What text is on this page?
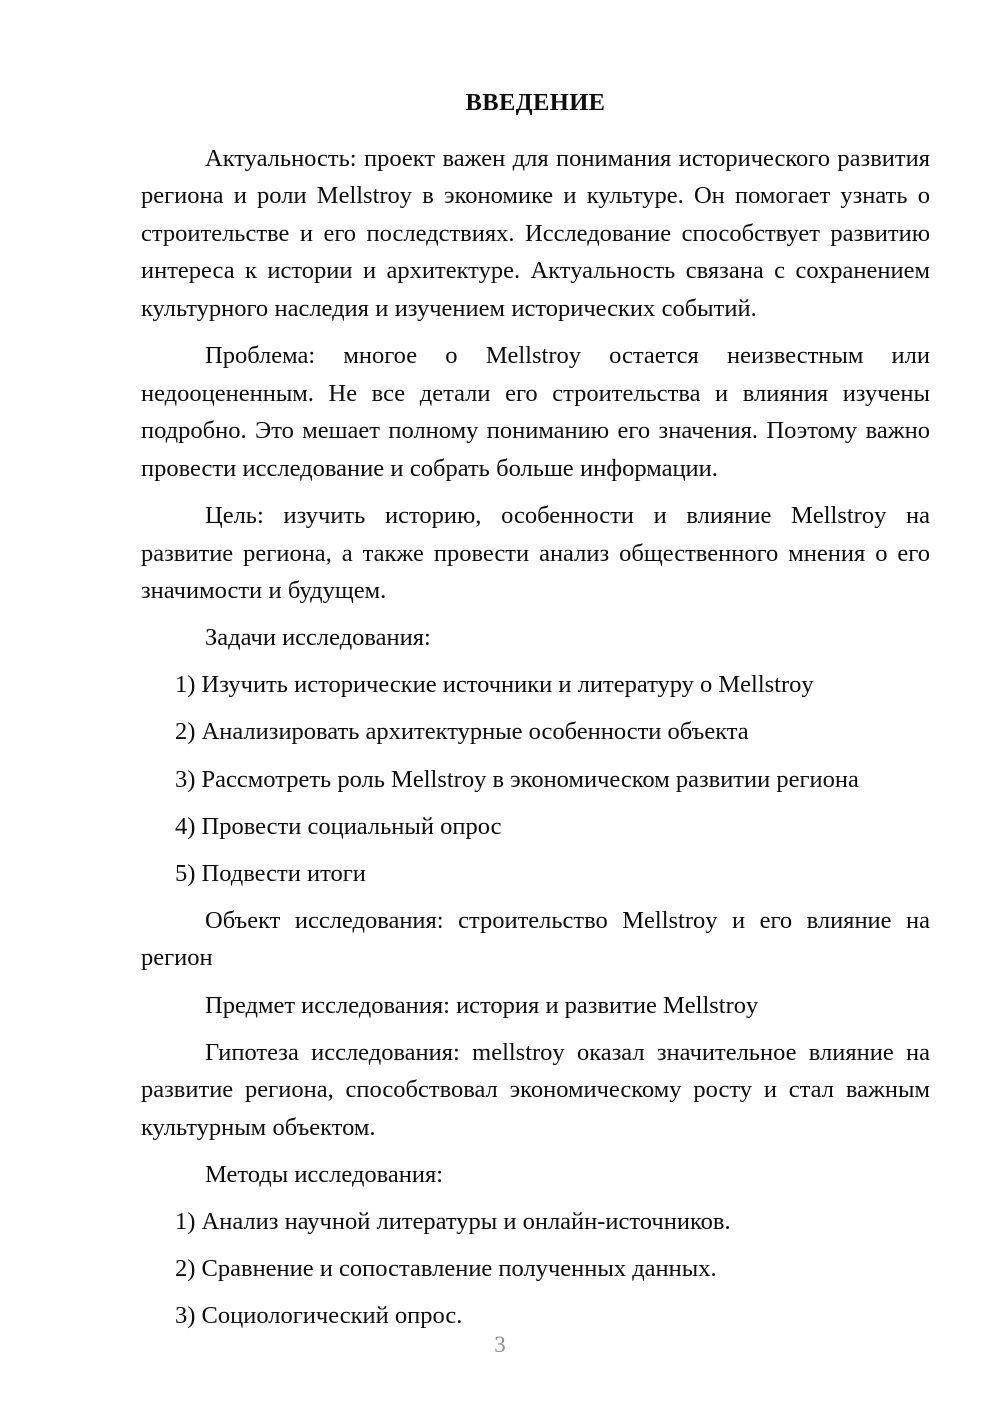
ВВЕДЕНИЕ

Актуальность: проект важен для понимания исторического развития региона и роли Mellstroy в экономике и культуре. Он помогает узнать о строительстве и его последствиях. Исследование способствует развитию интереса к истории и архитектуре. Актуальность связана с сохранением культурного наследия и изучением исторических событий.

Проблема: многое о Mellstroy остается неизвестным или недооцененным. Не все детали его строительства и влияния изучены подробно. Это мешает полному пониманию его значения. Поэтому важно провести исследование и собрать больше информации.

Цель: изучить историю, особенности и влияние Mellstroy на развитие региона, а также провести анализ общественного мнения о его значимости и будущем.

Задачи исследования:

1) Изучить исторические источники и литературу о Mellstroy
2) Анализировать архитектурные особенности объекта
3) Рассмотреть роль Mellstroy в экономическом развитии региона
4) Провести социальный опрос
5) Подвести итоги

Объект исследования: строительство Mellstroy и его влияние на регион

Предмет исследования: история и развитие Mellstroy

Гипотеза исследования: mellstroy оказал значительное влияние на развитие региона, способствовал экономическому росту и стал важным культурным объектом.

Методы исследования:

1) Анализ научной литературы и онлайн-источников.
2) Сравнение и сопоставление полученных данных.
3) Социологический опрос.
3
